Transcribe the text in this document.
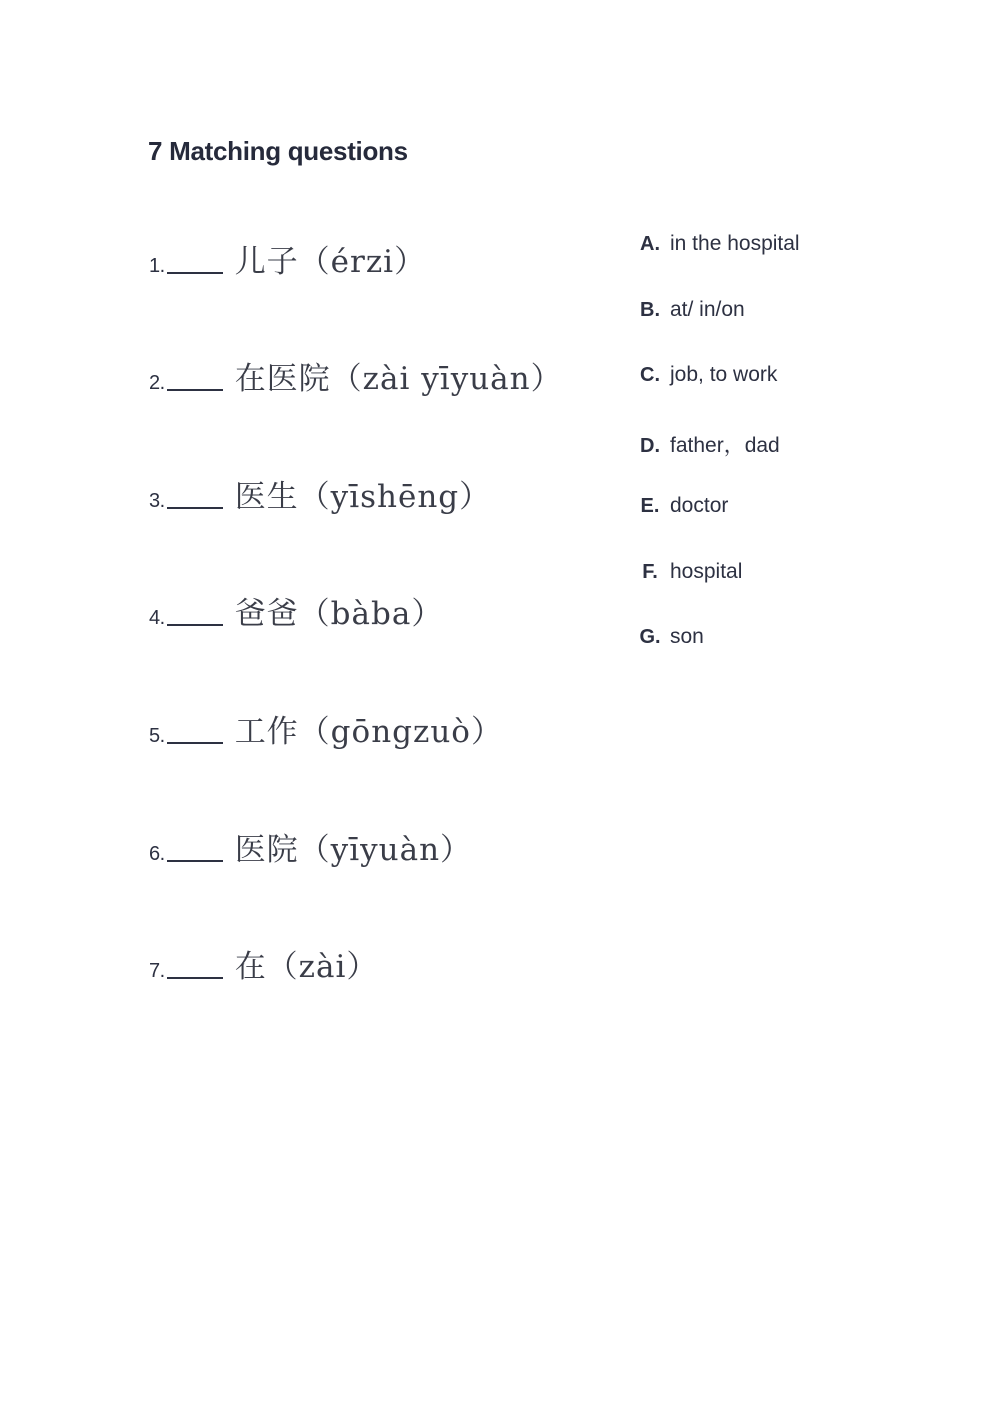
7 Matching questions
1. 儿子（érzi）
2. 在医院（zài yīyuàn）
3. 医生（yīshēng）
4. 爸爸（bàba）
5. 工作（gōngzuò）
6. 医院（yīyuàn）
7. 在（zài）
A. in the hospital
B. at/ in/on
C. job, to work
D. father，dad
E. doctor
F. hospital
G. son
